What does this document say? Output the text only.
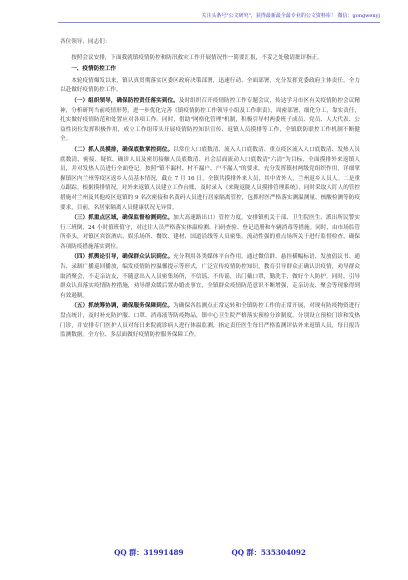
关注头条号"公文研究"，获得最新最全最专业的公文资料库！ 微信：gongwenyj

各位领导、同志们：

按照会议安排，下面我就镇疫情防控和防汛救灾工作开展情况作一简要汇报，不妥之处敬请批评指正。

一、疫情防控工作

本轮疫情爆发以来，镇认真贯彻落实区委区政府决策部署，迅速行动、全面部署，充分发挥党委政府主体责任，全力以赴做好疫情防控工作。

（一）组织领导，确保防控责任落实到位。及时组织召开疫情防控工作专题会议，传达学习市区有关疫情防控会议精神，分析研判当前疫情形势，进一步优化完善《镇疫情防控工作领导小组及工作职责》，周密部署，细化分工，靠实责任，扎实做好疫情防范和处置应对各项工作。同时，借助"网格化管理"机制，积极引导村两委班子成员、党员、人大代表、公益性岗位发挥积极作用，成立工作组带头开展疫情防控知识宣传、返镇人员摸排等工作，全镇联防联控工作机制不断健全。

（二）抓人员摸排，确保底数掌控到位。以常住人口底数清、流入人口底数清、重点疫区流入人口底数清、发热人员底数清、密接、疑似、确诊人员及密切接触人员底数清、社会层面流动人口底数清"六清"为目标，全面摸排外来返镇人员，并对发热人员进行全面登记。按照"镇不漏村、村不漏户、户不漏人"的要求，充分发挥镇村两级党组织作用，详细掌握镇区内兰州等疫区返乡人员基本情况，截止 7 月 16 日，全镇共摸排外来人员，其中省外人，兰州返乡人员人。二是重点跟踪。根据摸排情况，对外来返镇人员建立工作台账，及时录入《来陇返陇人员摸排管理系统》，同时采取人盯人的管控措施对兰州及其他疫区返镇的 9 名次密接和名黄码人员进行居家隔离管控，包抓村医严格落实测温测量、核酸检测等防疫要求，目前，名居家隔离人员健康状况无异常。

（三）抓重点区域，确保监督检测到位。加大高速路出口）管控力度，安排镇机关干部、卫生院医生、派出所民警实行三班倒，24 小时值班值守，对过往人员严格落实体温检测、扫码查验、登记造册和车辆消毒等措施。同时，由市场监管所牵头，对镇区宾馆酒店、娱乐场所、餐饮、建材、国道沿线等人员密集、流动性强的重点场所关于进行监督检查，确保各项防疫措施落实到位。

（四）抓舆论引导，确保群众认识到位。充分利用各类媒体平台作用，通过微信群、悬挂横幅标语、发放倡议书、通告、录制广播巡回播放，编发疫情防控温馨提示等形式，广泛宣传疫情防控知识，教育引导群众正确认识疫情，劝导群众取消聚会，不走亲访友，不随意出入人员密集场所，不信谣、不传谣，出门戴口罩，勤洗手，做好个人防护。同时，引导群众认真落实疫情防控措施，劝导群众缓后置办婚丧事宜，全镇群众疫情防范意识不断增强，走亲访友、聚会等现象得到有效遏制。

（五）抓统筹协调，确保服务保障到位。为确保各监测点正常运转和全镇防控工作的正常开展，对现有防疫物资进行盘点统计，及时补充防护服、口罩、消毒液等防疫物品，镇中心卫生院严格落实预检分诊制度，分别设立预检门诊和发热门诊，并安排专门医护人员对每日来院就诊病人进行体温监测，指定责任医生每日严格监测评估外来返镇人员，每日报告监测数据。全方位、多层面做好疫情防控服务保障工作。

QQ 群：31991489	QQ 群：535304092
